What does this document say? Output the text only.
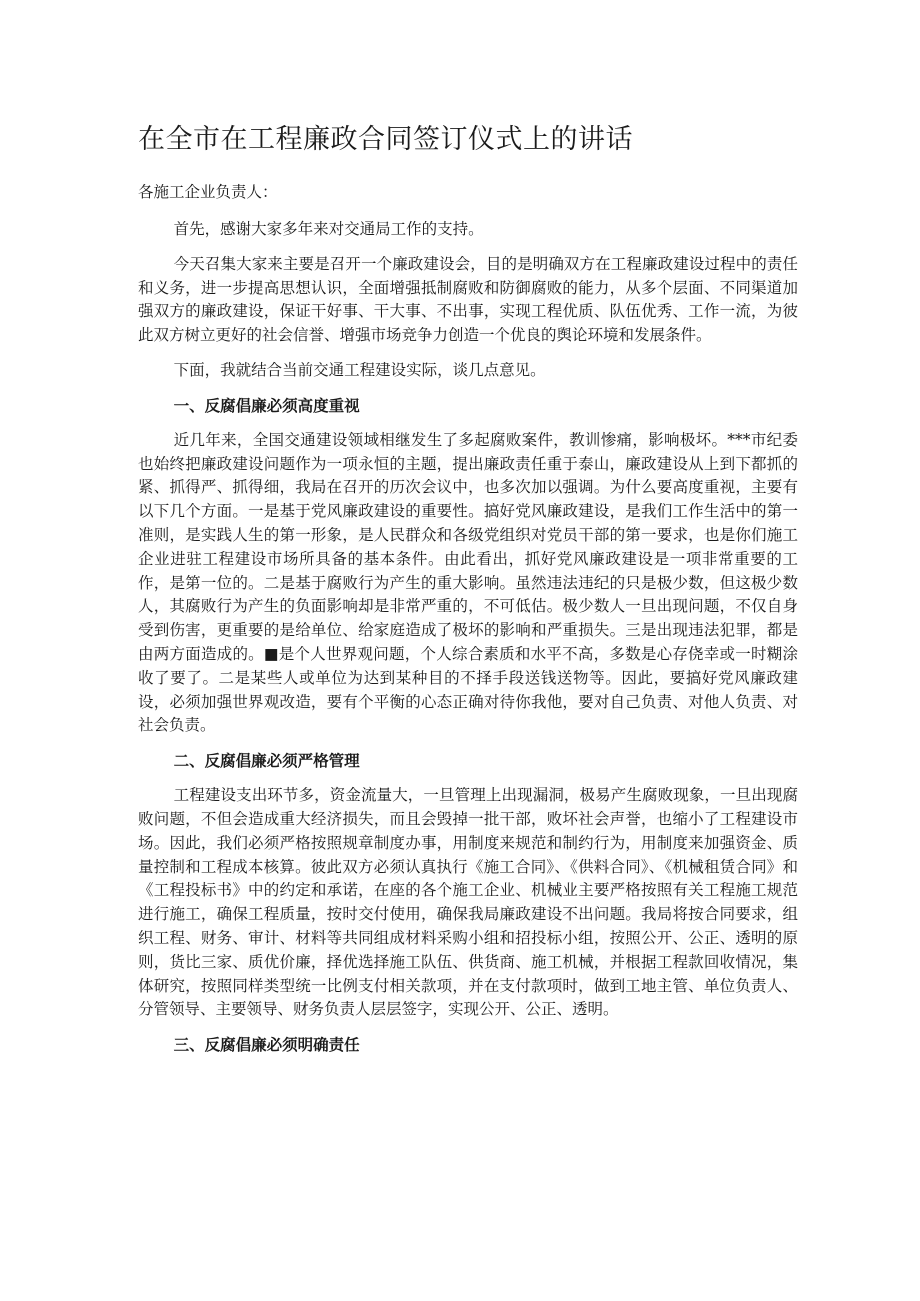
在全市在工程廉政合同签订仪式上的讲话
各施工企业负责人：

首先，感谢大家多年来对交通局工作的支持。

今天召集大家来主要是召开一个廉政建设会，目的是明确双方在工程廉政建设过程中的责任和义务，进一步提高思想认识，全面增强抵制腐败和防御腐败的能力，从多个层面、不同渠道加强双方的廉政建设，保证干好事、干大事、不出事，实现工程优质、队伍优秀、工作一流，为彼此双方树立更好的社会信誉、增强市场竞争力创造一个优良的舆论环境和发展条件。

下面，我就结合当前交通工程建设实际，谈几点意见。

一、反腐倡廉必须高度重视

近几年来，全国交通建设领域相继发生了多起腐败案件，教训惨痛，影响极坏。***市纪委也始终把廉政建设问题作为一项永恒的主题，提出廉政责任重于泰山，廉政建设从上到下都抓的紧、抓得严、抓得细，我局在召开的历次会议中，也多次加以强调。为什么要高度重视，主要有以下几个方面。一是基于党风廉政建设的重要性。搞好党风廉政建设，是我们工作生活中的第一准则，是实践人生的第一形象，是人民群众和各级党组织对党员干部的第一要求，也是你们施工企业进驻工程建设市场所具备的基本条件。由此看出，抓好党风廉政建设是一项非常重要的工作，是第一位的。二是基于腐败行为产生的重大影响。虽然违法违纪的只是极少数，但这极少数人，其腐败行为产生的负面影响却是非常严重的，不可低估。极少数人一旦出现问题，不仅自身受到伤害，更重要的是给单位、给家庭造成了极坏的影响和严重损失。三是出现违法犯罪，都是由两方面造成的。■是个人世界观问题，个人综合素质和水平不高，多数是心存侥幸或一时糊涂收了要了。二是某些人或单位为达到某种目的不择手段送钱送物等。因此，要搞好党风廉政建设，必须加强世界观改造，要有个平衡的心态正确对待你我他，要对自己负责、对他人负责、对社会负责。

二、反腐倡廉必须严格管理

工程建设支出环节多，资金流量大，一旦管理上出现漏洞，极易产生腐败现象，一旦出现腐败问题，不但会造成重大经济损失，而且会毁掉一批干部，败坏社会声誉，也缩小了工程建设市场。因此，我们必须严格按照规章制度办事，用制度来规范和制约行为，用制度来加强资金、质量控制和工程成本核算。彼此双方必须认真执行《施工合同》、《供料合同》、《机械租赁合同》和《工程投标书》中的约定和承诺，在座的各个施工企业、机械业主要严格按照有关工程施工规范进行施工，确保工程质量，按时交付使用，确保我局廉政建设不出问题。我局将按合同要求，组织工程、财务、审计、材料等共同组成材料采购小组和招投标小组，按照公开、公正、透明的原则，货比三家、质优价廉，择优选择施工队伍、供货商、施工机械，并根据工程款回收情况，集体研究，按照同样类型统一比例支付相关款项，并在支付款项时，做到工地主管、单位负责人、分管领导、主要领导、财务负责人层层签字，实现公开、公正、透明。

三、反腐倡廉必须明确责任
